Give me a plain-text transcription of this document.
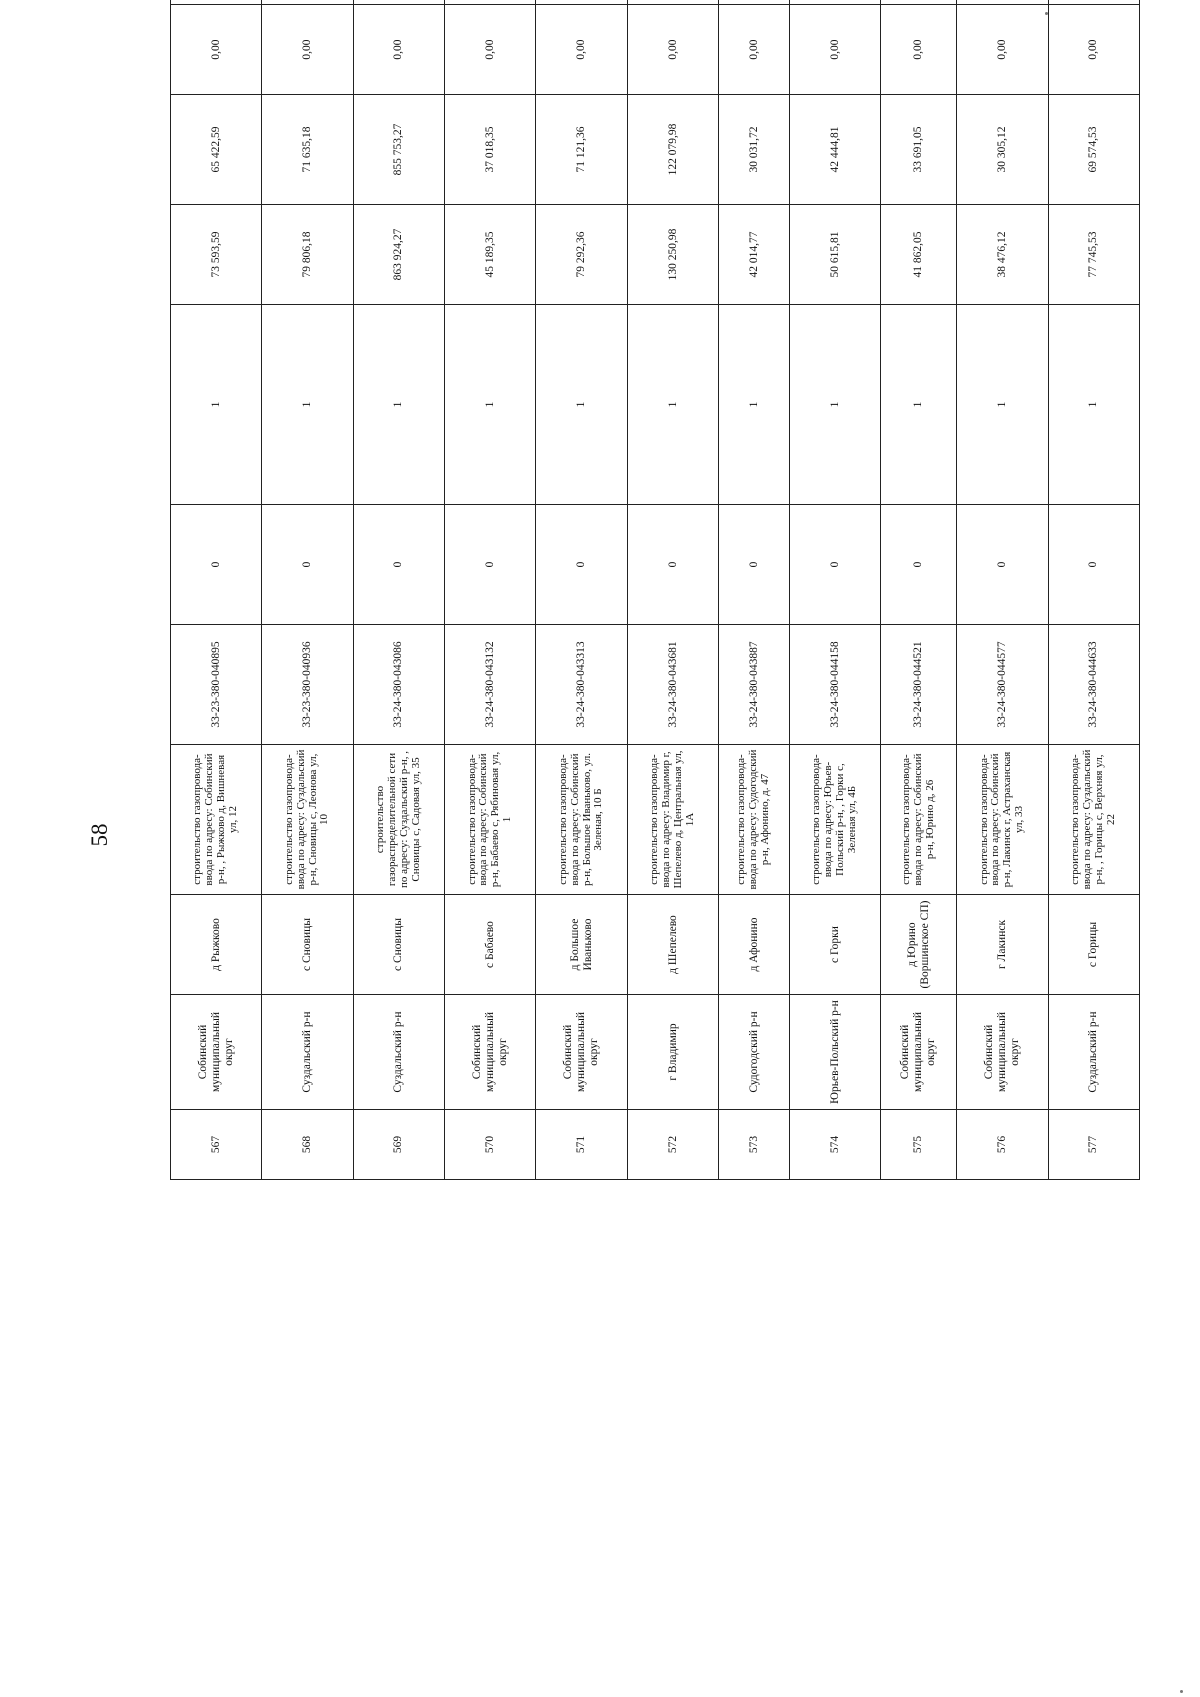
58
567	Собинский муниципальный округ	д Рыжково	строительство газопровода-ввода по адресу: Собинский р-н, , Рыжково д, Вишневая ул, 12	33-23-380-040895	0	1	73 593,59	65 422,59	0,00			
568	Суздальский р-н	с Сновицы	строительство газопровода-ввода по адресу: Суздальский р-н, Сновицы с, Леонова ул, 10	33-23-380-040936	0	1	79 806,18	71 635,18	0,00			
569	Суздальский р-н	с Сновицы	строительство газораспределительной сети по адресу: Суздальский р-н, , Сновицы с, Садовая ул, 35	33-24-380-043086	0	1	863 924,27	855 753,27	0,00			
570	Собинский муниципальный округ	с Бабаево	строительство газопровода-ввода по адресу: Собинский р-н, Бабаево с, Рябиновая ул, 1	33-24-380-043132	0	1	45 189,35	37 018,35	0,00			
571	Собинский муниципальный округ	д Большое Иваньково	строительство газопровода-ввода по адресу: Собинский р-н, Большое Иваньково, ул. Зеленая, 10 Б	33-24-380-043313	0	1	79 292,36	71 121,36	0,00			
572	г Владимир	д Шепелево	строительство газопровода-ввода по адресу: Владимир г, Шепелево д, Центральная ул, 1А	33-24-380-043681	0	1	130 250,98	122 079,98	0,00			
573	Судогодский р-н	д Афонино	строительство газопровода-ввода по адресу: Судогодский р-н, Афонино, д. 47	33-24-380-043887	0	1	42 014,77	30 031,72	0,00			
574	Юрьев-Польский р-н	с Горки	строительство газопровода-ввода по адресу: Юрьев-Польский р-н, , Горки с, Зеленая ул, 4Б	33-24-380-044158	0	1	50 615,81	42 444,81	0,00			
575	Собинский муниципальный округ	д Юрино (Воршинское СП)	строительство газопровода-ввода по адресу: Собинский р-н, Юрино д, 26	33-24-380-044521	0	1	41 862,05	33 691,05	0,00			
576	Собинский муниципальный округ	г Лакинск	строительство газопровода-ввода по адресу: Собинский р-н, Лакинск г, Астраханская ул, 33	33-24-380-044577	0	1	38 476,12	30 305,12	0,00			
577	Суздальский р-н	с Горицы	строительство газопровода-ввода по адресу: Суздальский р-н, , Горицы с, Верхняя ул, 22	33-24-380-044633	0	1	77 745,53	69 574,53	0,00			
